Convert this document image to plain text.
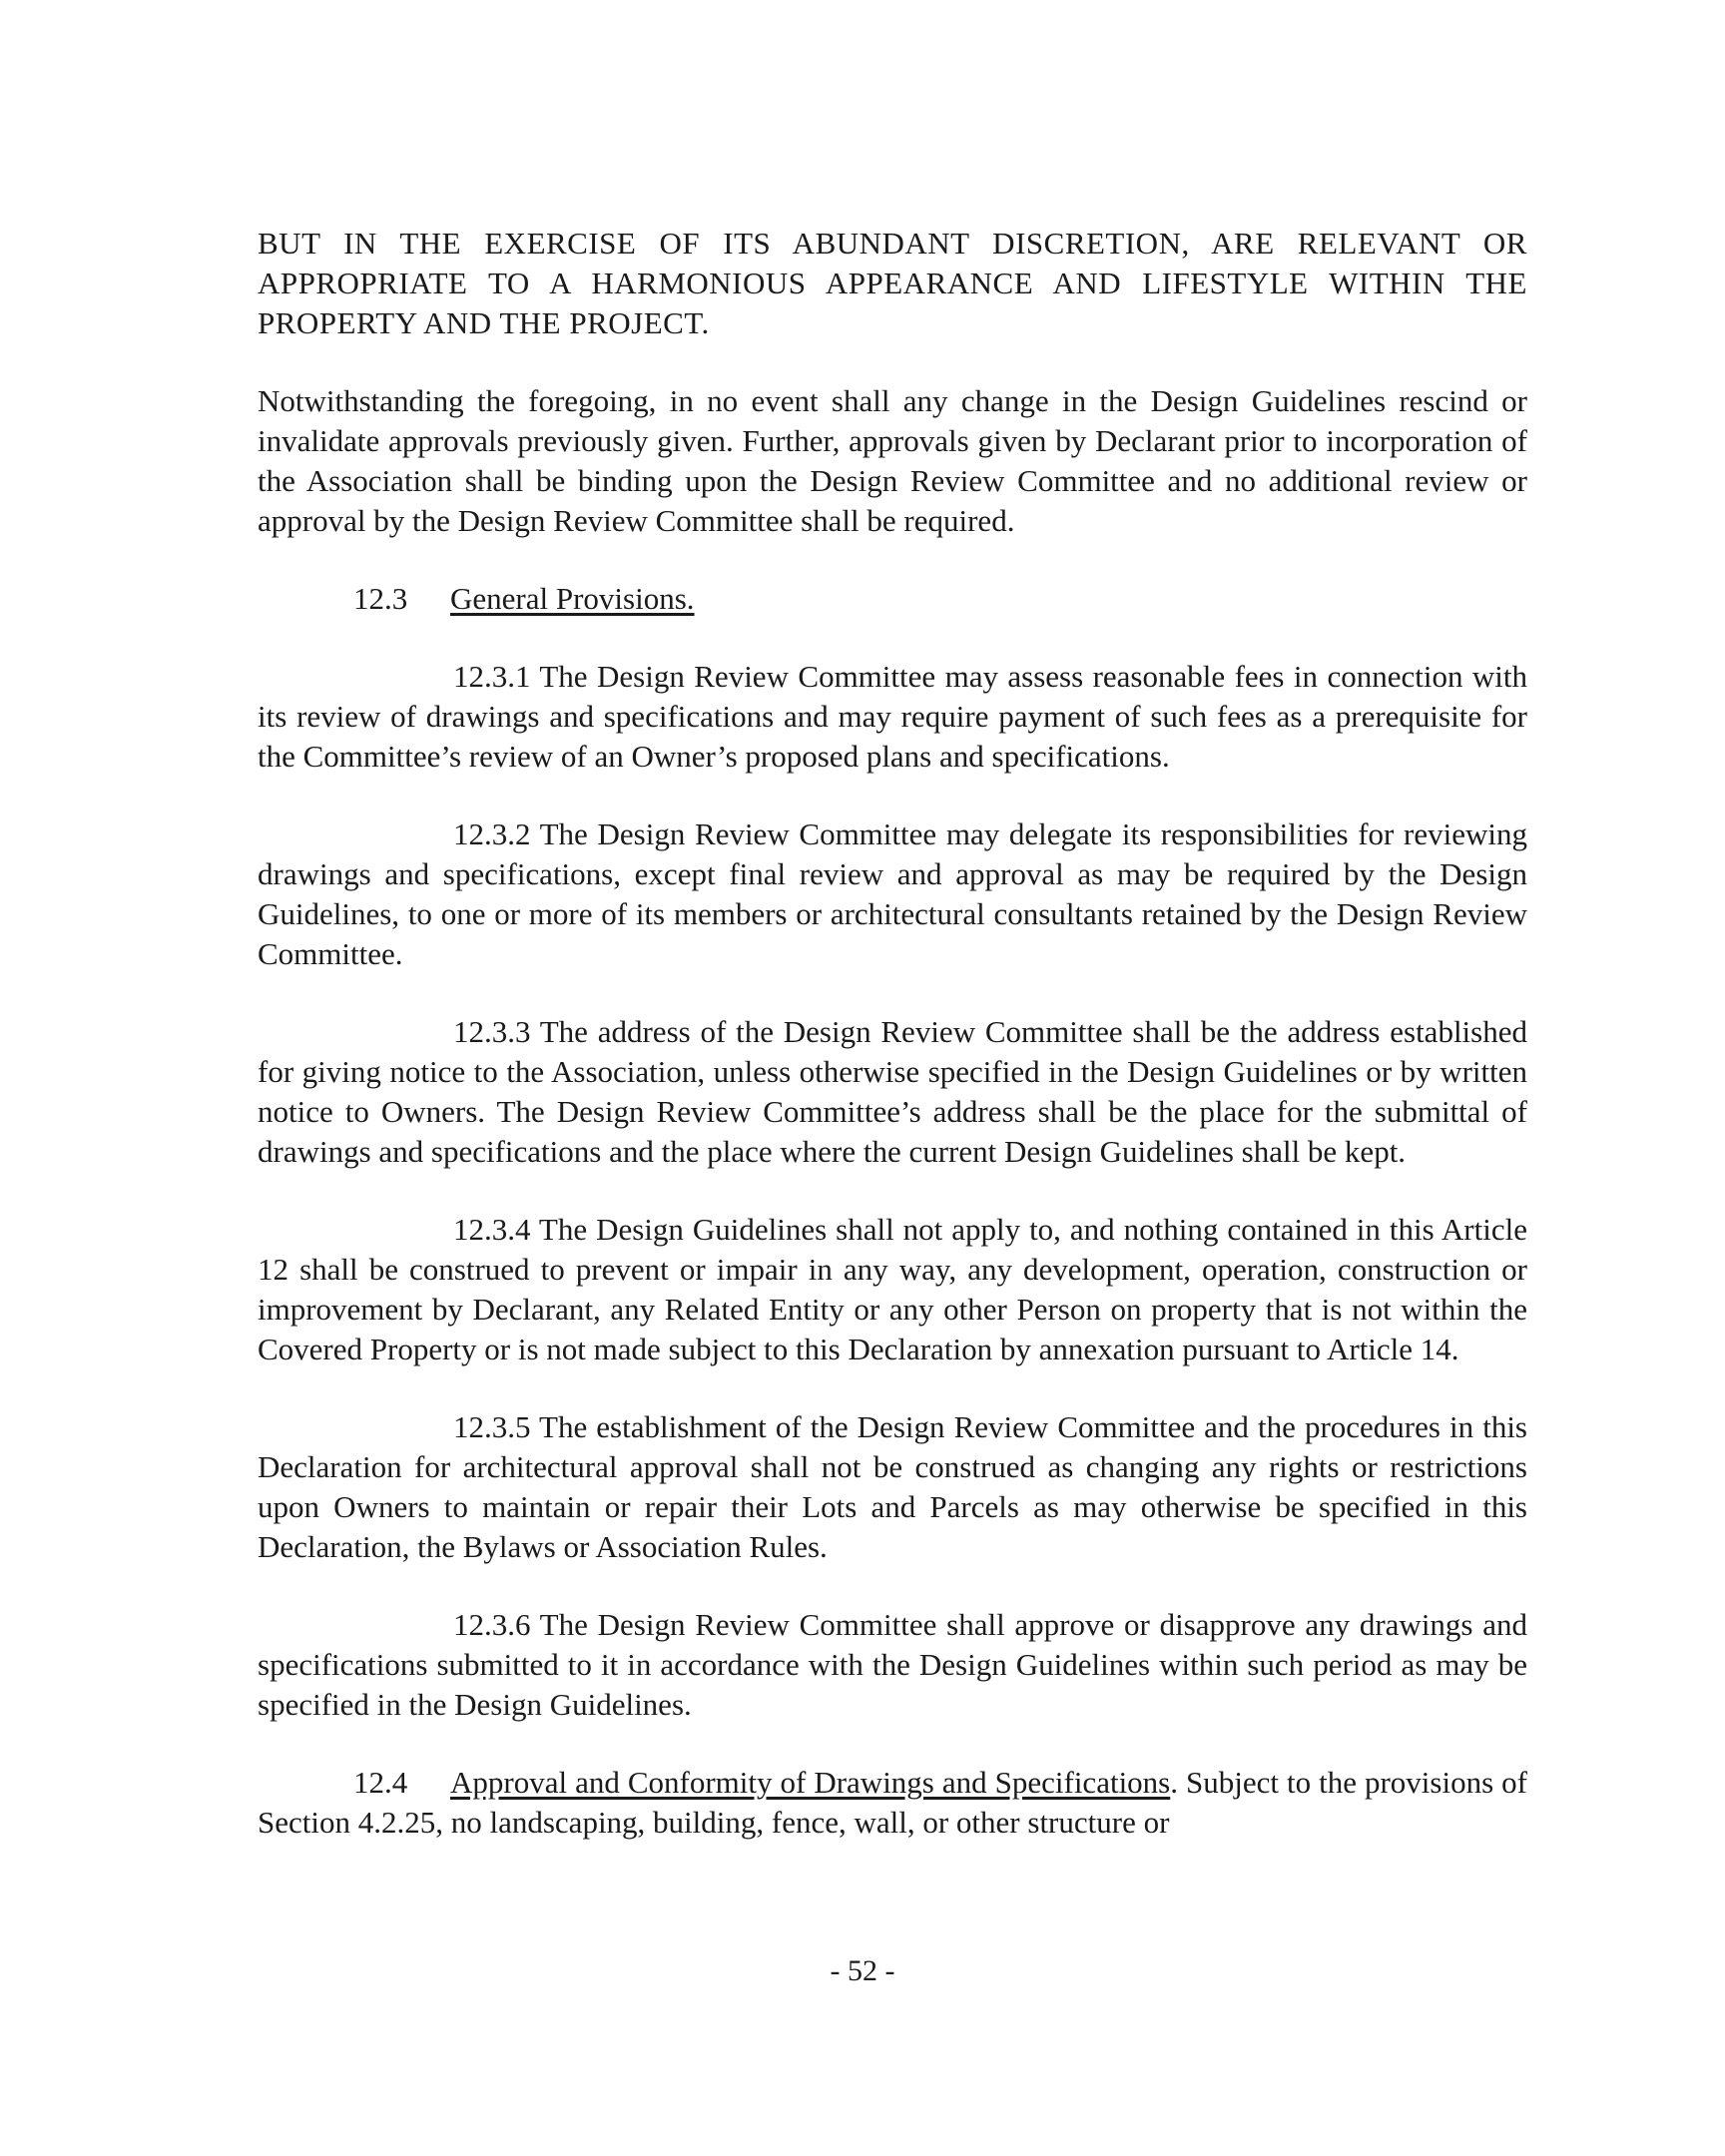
BUT IN THE EXERCISE OF ITS ABUNDANT DISCRETION, ARE RELEVANT OR APPROPRIATE TO A HARMONIOUS APPEARANCE AND LIFESTYLE WITHIN THE PROPERTY AND THE PROJECT.

Notwithstanding the foregoing, in no event shall any change in the Design Guidelines rescind or invalidate approvals previously given. Further, approvals given by Declarant prior to incorporation of the Association shall be binding upon the Design Review Committee and no additional review or approval by the Design Review Committee shall be required.

12.3 General Provisions.

12.3.1 The Design Review Committee may assess reasonable fees in connection with its review of drawings and specifications and may require payment of such fees as a prerequisite for the Committee’s review of an Owner’s proposed plans and specifications.

12.3.2 The Design Review Committee may delegate its responsibilities for reviewing drawings and specifications, except final review and approval as may be required by the Design Guidelines, to one or more of its members or architectural consultants retained by the Design Review Committee.

12.3.3 The address of the Design Review Committee shall be the address established for giving notice to the Association, unless otherwise specified in the Design Guidelines or by written notice to Owners. The Design Review Committee’s address shall be the place for the submittal of drawings and specifications and the place where the current Design Guidelines shall be kept.

12.3.4 The Design Guidelines shall not apply to, and nothing contained in this Article 12 shall be construed to prevent or impair in any way, any development, operation, construction or improvement by Declarant, any Related Entity or any other Person on property that is not within the Covered Property or is not made subject to this Declaration by annexation pursuant to Article 14.

12.3.5 The establishment of the Design Review Committee and the procedures in this Declaration for architectural approval shall not be construed as changing any rights or restrictions upon Owners to maintain or repair their Lots and Parcels as may otherwise be specified in this Declaration, the Bylaws or Association Rules.

12.3.6 The Design Review Committee shall approve or disapprove any drawings and specifications submitted to it in accordance with the Design Guidelines within such period as may be specified in the Design Guidelines.

12.4 Approval and Conformity of Drawings and Specifications. Subject to the provisions of Section 4.2.25, no landscaping, building, fence, wall, or other structure or

- 52 -
